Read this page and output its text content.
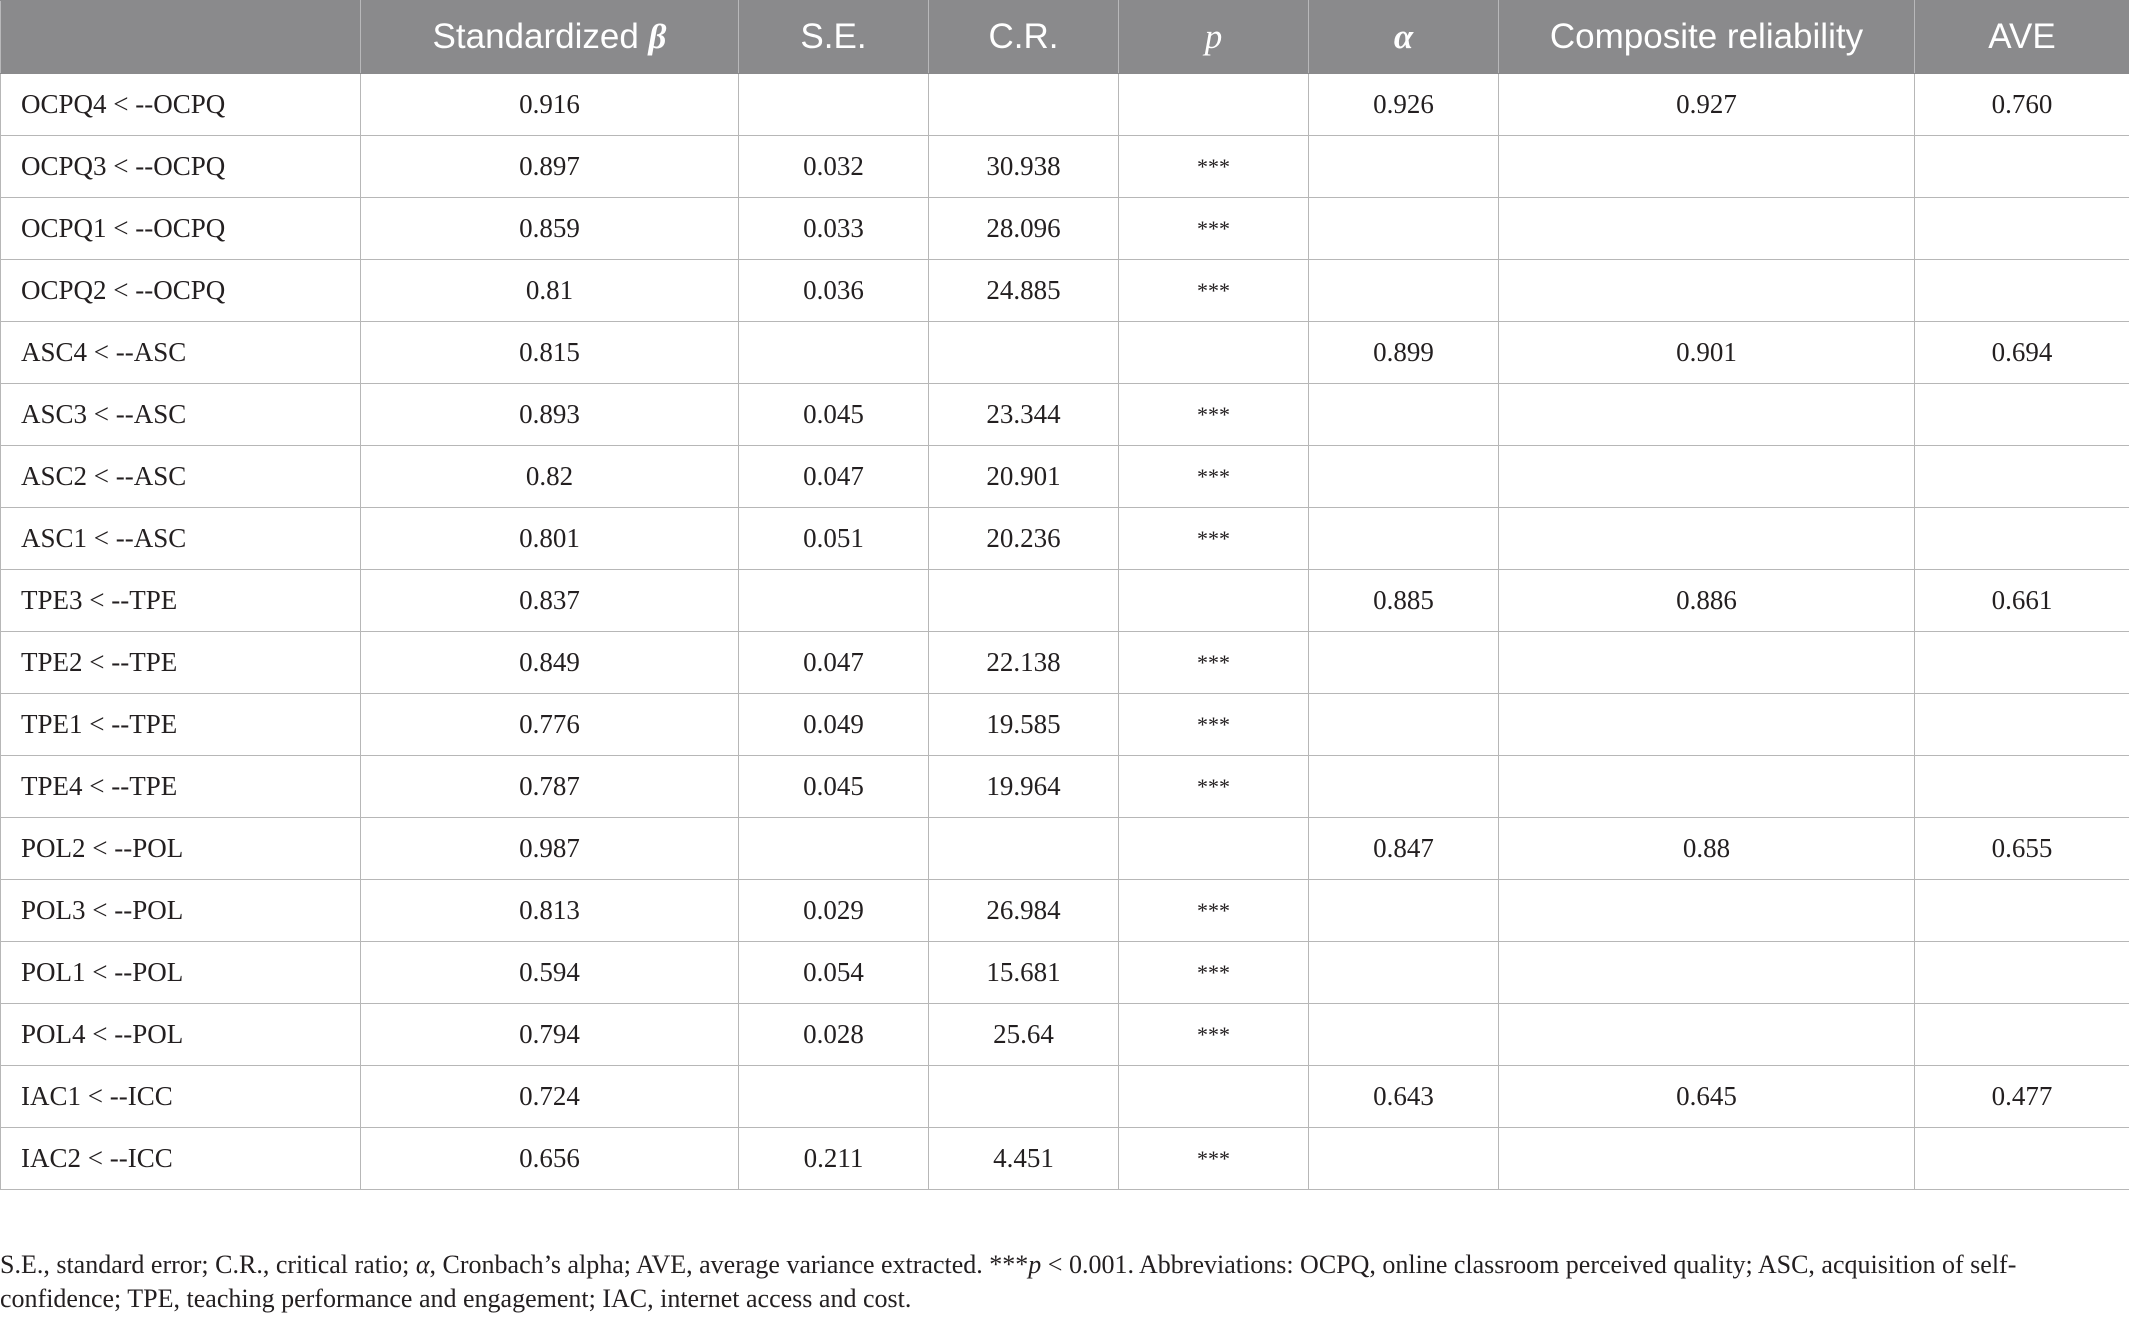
	Standardized β	S.E.	C.R.	p	α	Composite reliability	AVE
OCPQ4 < --OCPQ	0.916				0.926	0.927	0.760
OCPQ3 < --OCPQ	0.897	0.032	30.938	***			
OCPQ1 < --OCPQ	0.859	0.033	28.096	***			
OCPQ2 < --OCPQ	0.81	0.036	24.885	***			
ASC4 < --ASC	0.815				0.899	0.901	0.694
ASC3 < --ASC	0.893	0.045	23.344	***			
ASC2 < --ASC	0.82	0.047	20.901	***			
ASC1 < --ASC	0.801	0.051	20.236	***			
TPE3 < --TPE	0.837				0.885	0.886	0.661
TPE2 < --TPE	0.849	0.047	22.138	***			
TPE1 < --TPE	0.776	0.049	19.585	***			
TPE4 < --TPE	0.787	0.045	19.964	***			
POL2 < --POL	0.987				0.847	0.88	0.655
POL3 < --POL	0.813	0.029	26.984	***			
POL1 < --POL	0.594	0.054	15.681	***			
POL4 < --POL	0.794	0.028	25.64	***			
IAC1 < --ICC	0.724				0.643	0.645	0.477
IAC2 < --ICC	0.656	0.211	4.451	***			
S.E., standard error; C.R., critical ratio; α, Cronbach’s alpha; AVE, average variance extracted. ***p < 0.001. Abbreviations: OCPQ, online classroom perceived quality; ASC, acquisition of self-confidence; TPE, teaching performance and engagement; IAC, internet access and cost.
